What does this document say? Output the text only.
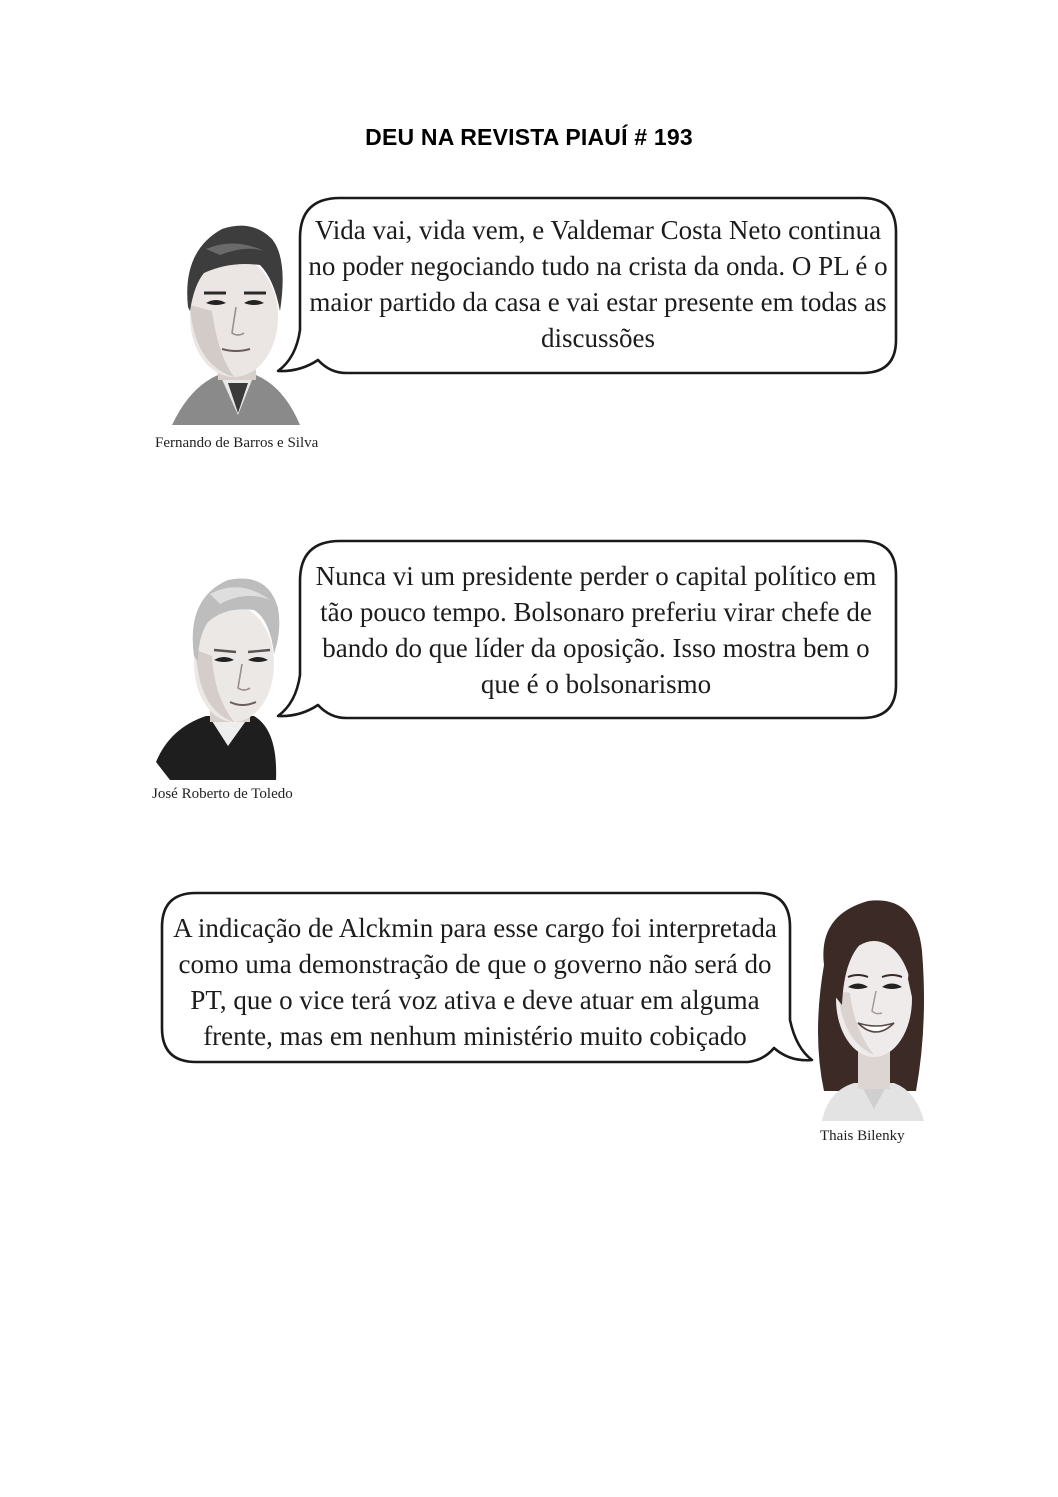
DEU NA REVISTA PIAUÍ # 193

Vida vai, vida vem, e Valdemar Costa Neto continua no poder negociando tudo na crista da onda. O PL é o maior partido da casa e vai estar presente em todas as discussões

Fernando de Barros e Silva

Nunca vi um presidente perder o capital político em tão pouco tempo. Bolsonaro preferiu virar chefe de bando do que líder da oposição. Isso mostra bem o que é o bolsonarismo

José Roberto de Toledo

A indicação de Alckmin para esse cargo foi interpretada como uma demonstração de que o governo não será do PT, que o vice terá voz ativa e deve atuar em alguma frente, mas em nenhum ministério muito cobiçado

Thais Bilenky
